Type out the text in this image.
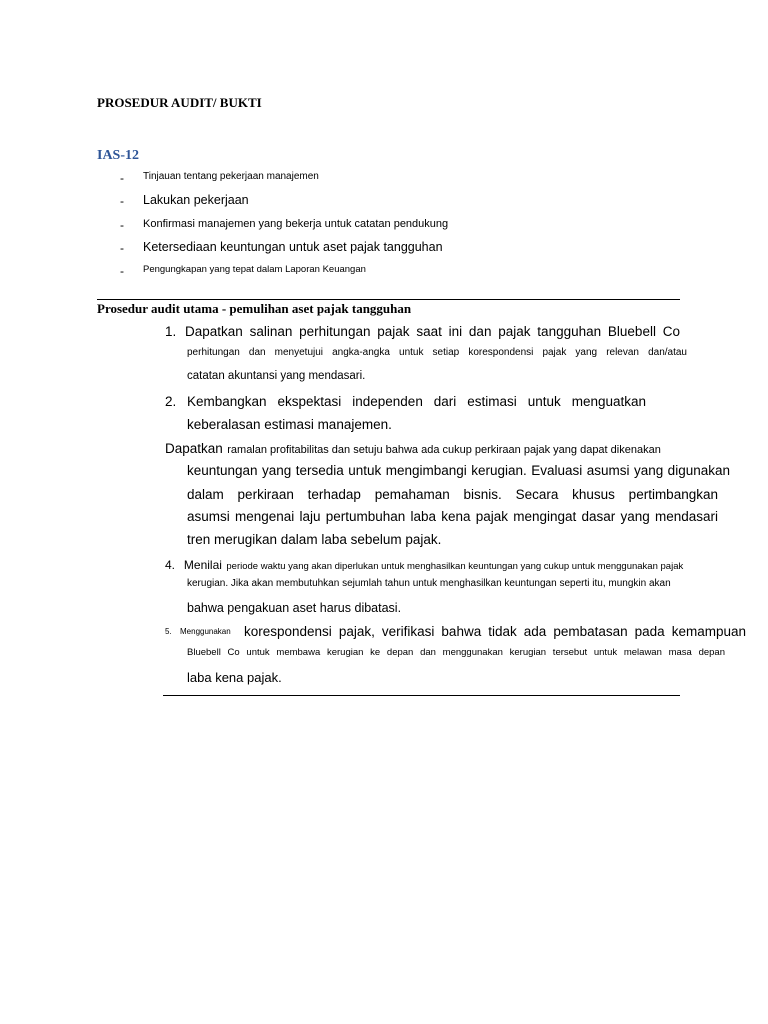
PROSEDUR AUDIT/ BUKTI
IAS-12
- Tinjauan tentang pekerjaan manajemen
- Lakukan pekerjaan
- Konfirmasi manajemen yang bekerja untuk catatan pendukung
- Ketersediaan keuntungan untuk aset pajak tangguhan
- Pengungkapan yang tepat dalam Laporan Keuangan
Prosedur audit utama - pemulihan aset pajak tangguhan
1. Dapatkan salinan perhitungan pajak saat ini dan pajak tangguhan Bluebell Co
perhitungan dan menyetujui angka-angka untuk setiap korespondensi pajak yang relevan dan/atau
catatan akuntansi yang mendasari.
2. Kembangkan ekspektasi independen dari estimasi untuk menguatkan
keberalasan estimasi manajemen.
Dapatkan ramalan profitabilitas dan setuju bahwa ada cukup perkiraan pajak yang dapat dikenakan
keuntungan yang tersedia untuk mengimbangi kerugian. Evaluasi asumsi yang digunakan
dalam perkiraan terhadap pemahaman bisnis. Secara khusus pertimbangkan
asumsi mengenai laju pertumbuhan laba kena pajak mengingat dasar yang mendasari
tren merugikan dalam laba sebelum pajak.
4. Menilai periode waktu yang akan diperlukan untuk menghasilkan keuntungan yang cukup untuk menggunakan pajak
kerugian. Jika akan membutuhkan sejumlah tahun untuk menghasilkan keuntungan seperti itu, mungkin akan
bahwa pengakuan aset harus dibatasi.
5. Menggunakan korespondensi pajak, verifikasi bahwa tidak ada pembatasan pada kemampuan
Bluebell Co untuk membawa kerugian ke depan dan menggunakan kerugian tersebut untuk melawan masa depan
laba kena pajak.
